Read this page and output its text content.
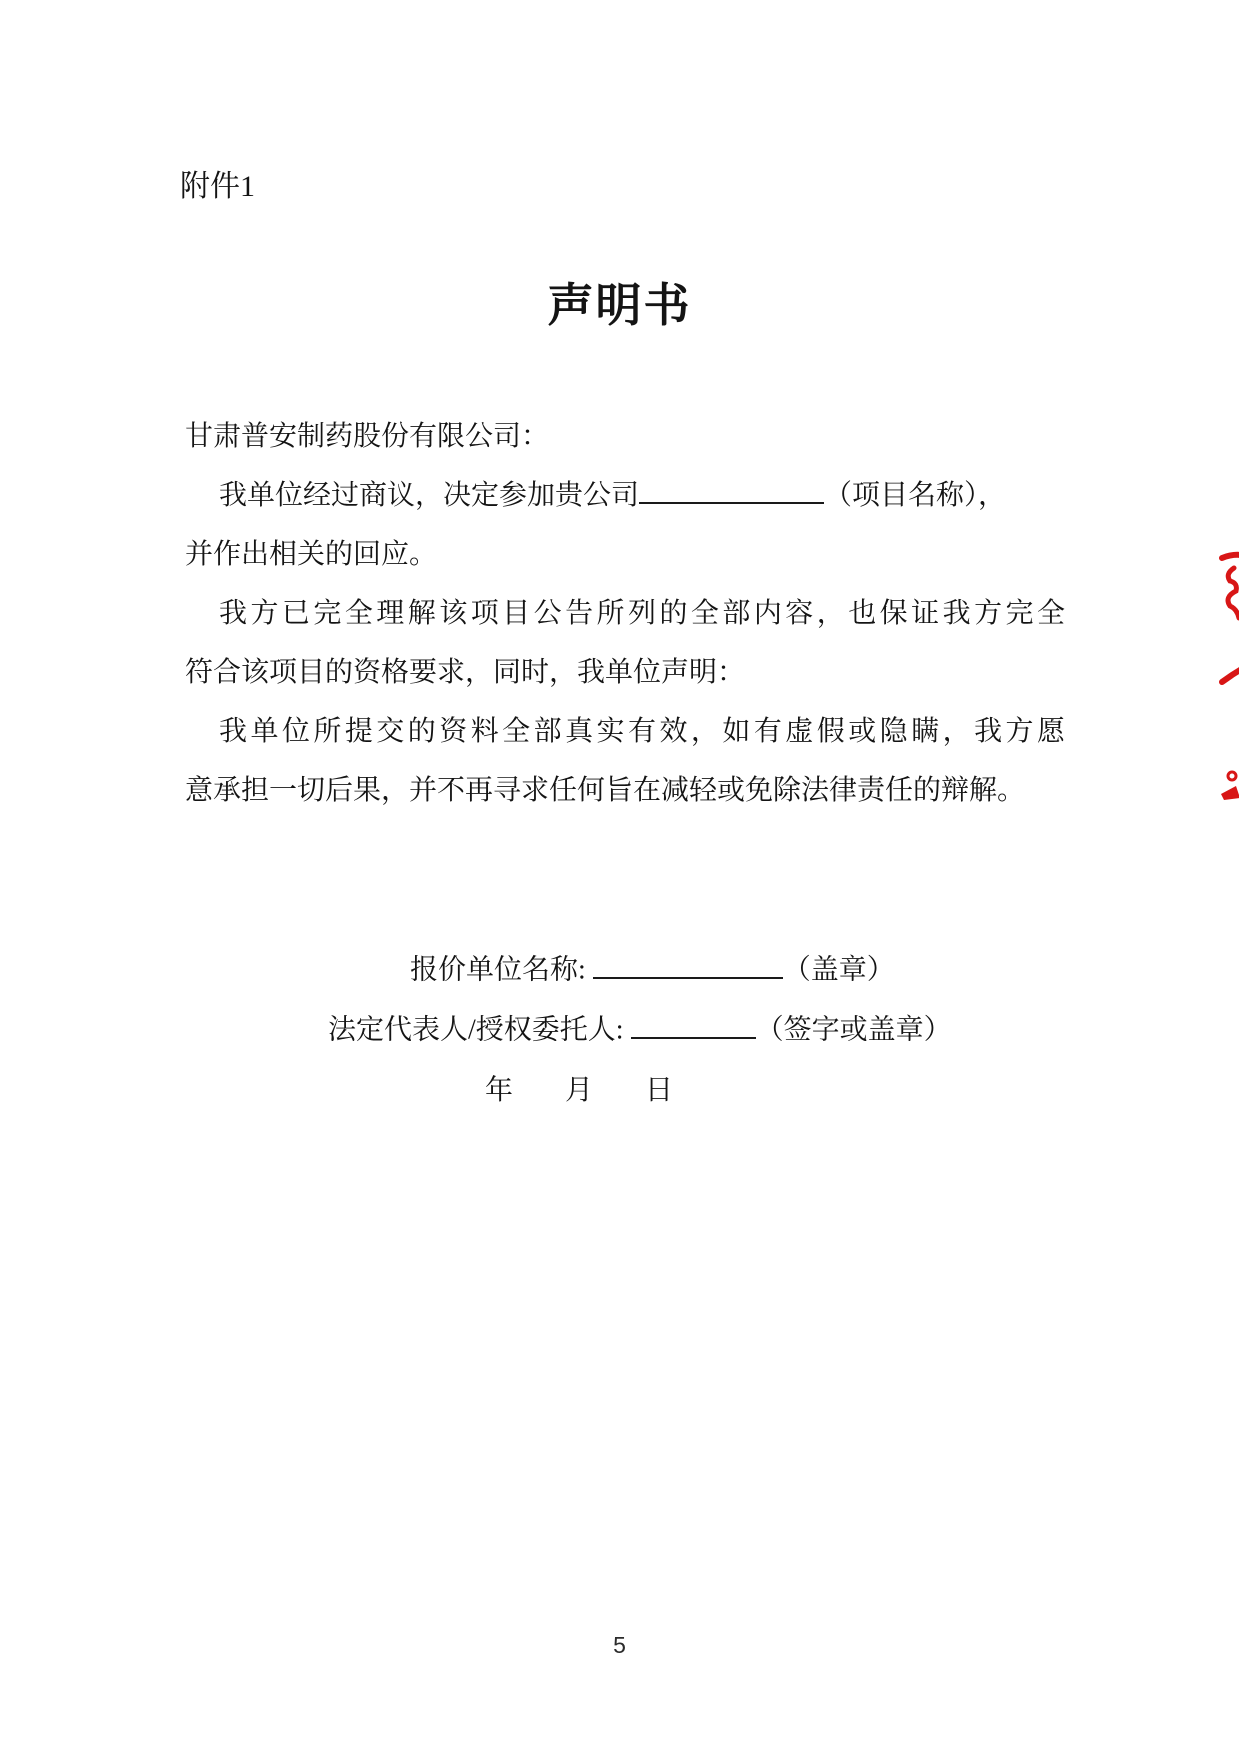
附件1
声明书
甘肃普安制药股份有限公司：
我单位经过商议，决定参加贵公司	（项目名称），
并作出相关的回应。
我方已完全理解该项目公告所列的全部内容，也保证我方完全
符合该项目的资格要求，同时，我单位声明：
我单位所提交的资料全部真实有效，如有虚假或隐瞒，我方愿
意承担一切后果，并不再寻求任何旨在减轻或免除法律责任的辩解。
报价单位名称:	（盖章）
法定代表人/授权委托人:	（签字或盖章）
年 月 日
5
